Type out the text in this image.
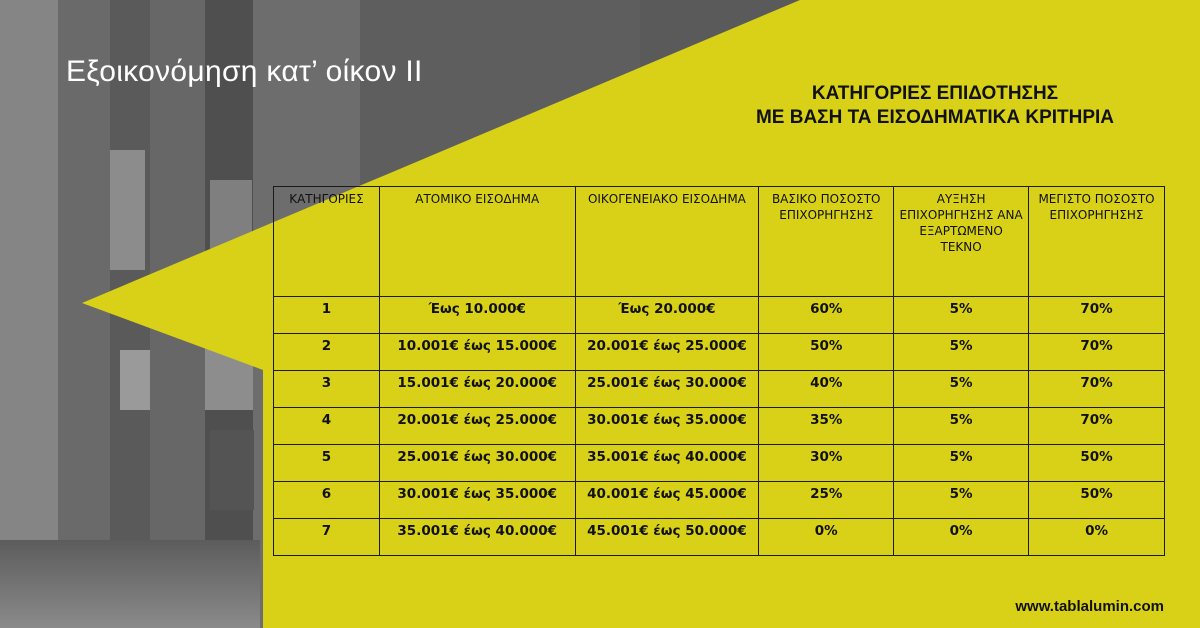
Εξοικονόμηση κατ’ οίκον ΙΙ
ΚΑΤΗΓΟΡΙΕΣ ΕΠΙΔΟΤΗΣΗΣ
ΜΕ ΒΑΣΗ ΤΑ ΕΙΣΟΔΗΜΑΤΙΚΑ ΚΡΙΤΗΡΙΑ
ΚΑΤΗΓΟΡΙΕΣ	ΑΤΟΜΙΚΟ ΕΙΣΟΔΗΜΑ	ΟΙΚΟΓΕΝΕΙΑΚΟ ΕΙΣΟΔΗΜΑ	ΒΑΣΙΚΟ ΠΟΣΟΣΤΟ ΕΠΙΧΟΡΗΓΗΣΗΣ	ΑΥΞΗΣΗ ΕΠΙΧΟΡΗΓΗΣΗΣ ΑΝΑ ΕΞΑΡΤΩΜΕΝΟ ΤΕΚΝΟ	ΜΕΓΙΣΤΟ ΠΟΣΟΣΤΟ ΕΠΙΧΟΡΗΓΗΣΗΣ
1	Έως 10.000€	Έως 20.000€	60%	5%	70%
2	10.001€ έως 15.000€	20.001€ έως 25.000€	50%	5%	70%
3	15.001€ έως 20.000€	25.001€ έως 30.000€	40%	5%	70%
4	20.001€ έως 25.000€	30.001€ έως 35.000€	35%	5%	70%
5	25.001€ έως 30.000€	35.001€ έως 40.000€	30%	5%	50%
6	30.001€ έως 35.000€	40.001€ έως 45.000€	25%	5%	50%
7	35.001€ έως 40.000€	45.001€ έως 50.000€	0%	0%	0%
www.tablalumin.com
